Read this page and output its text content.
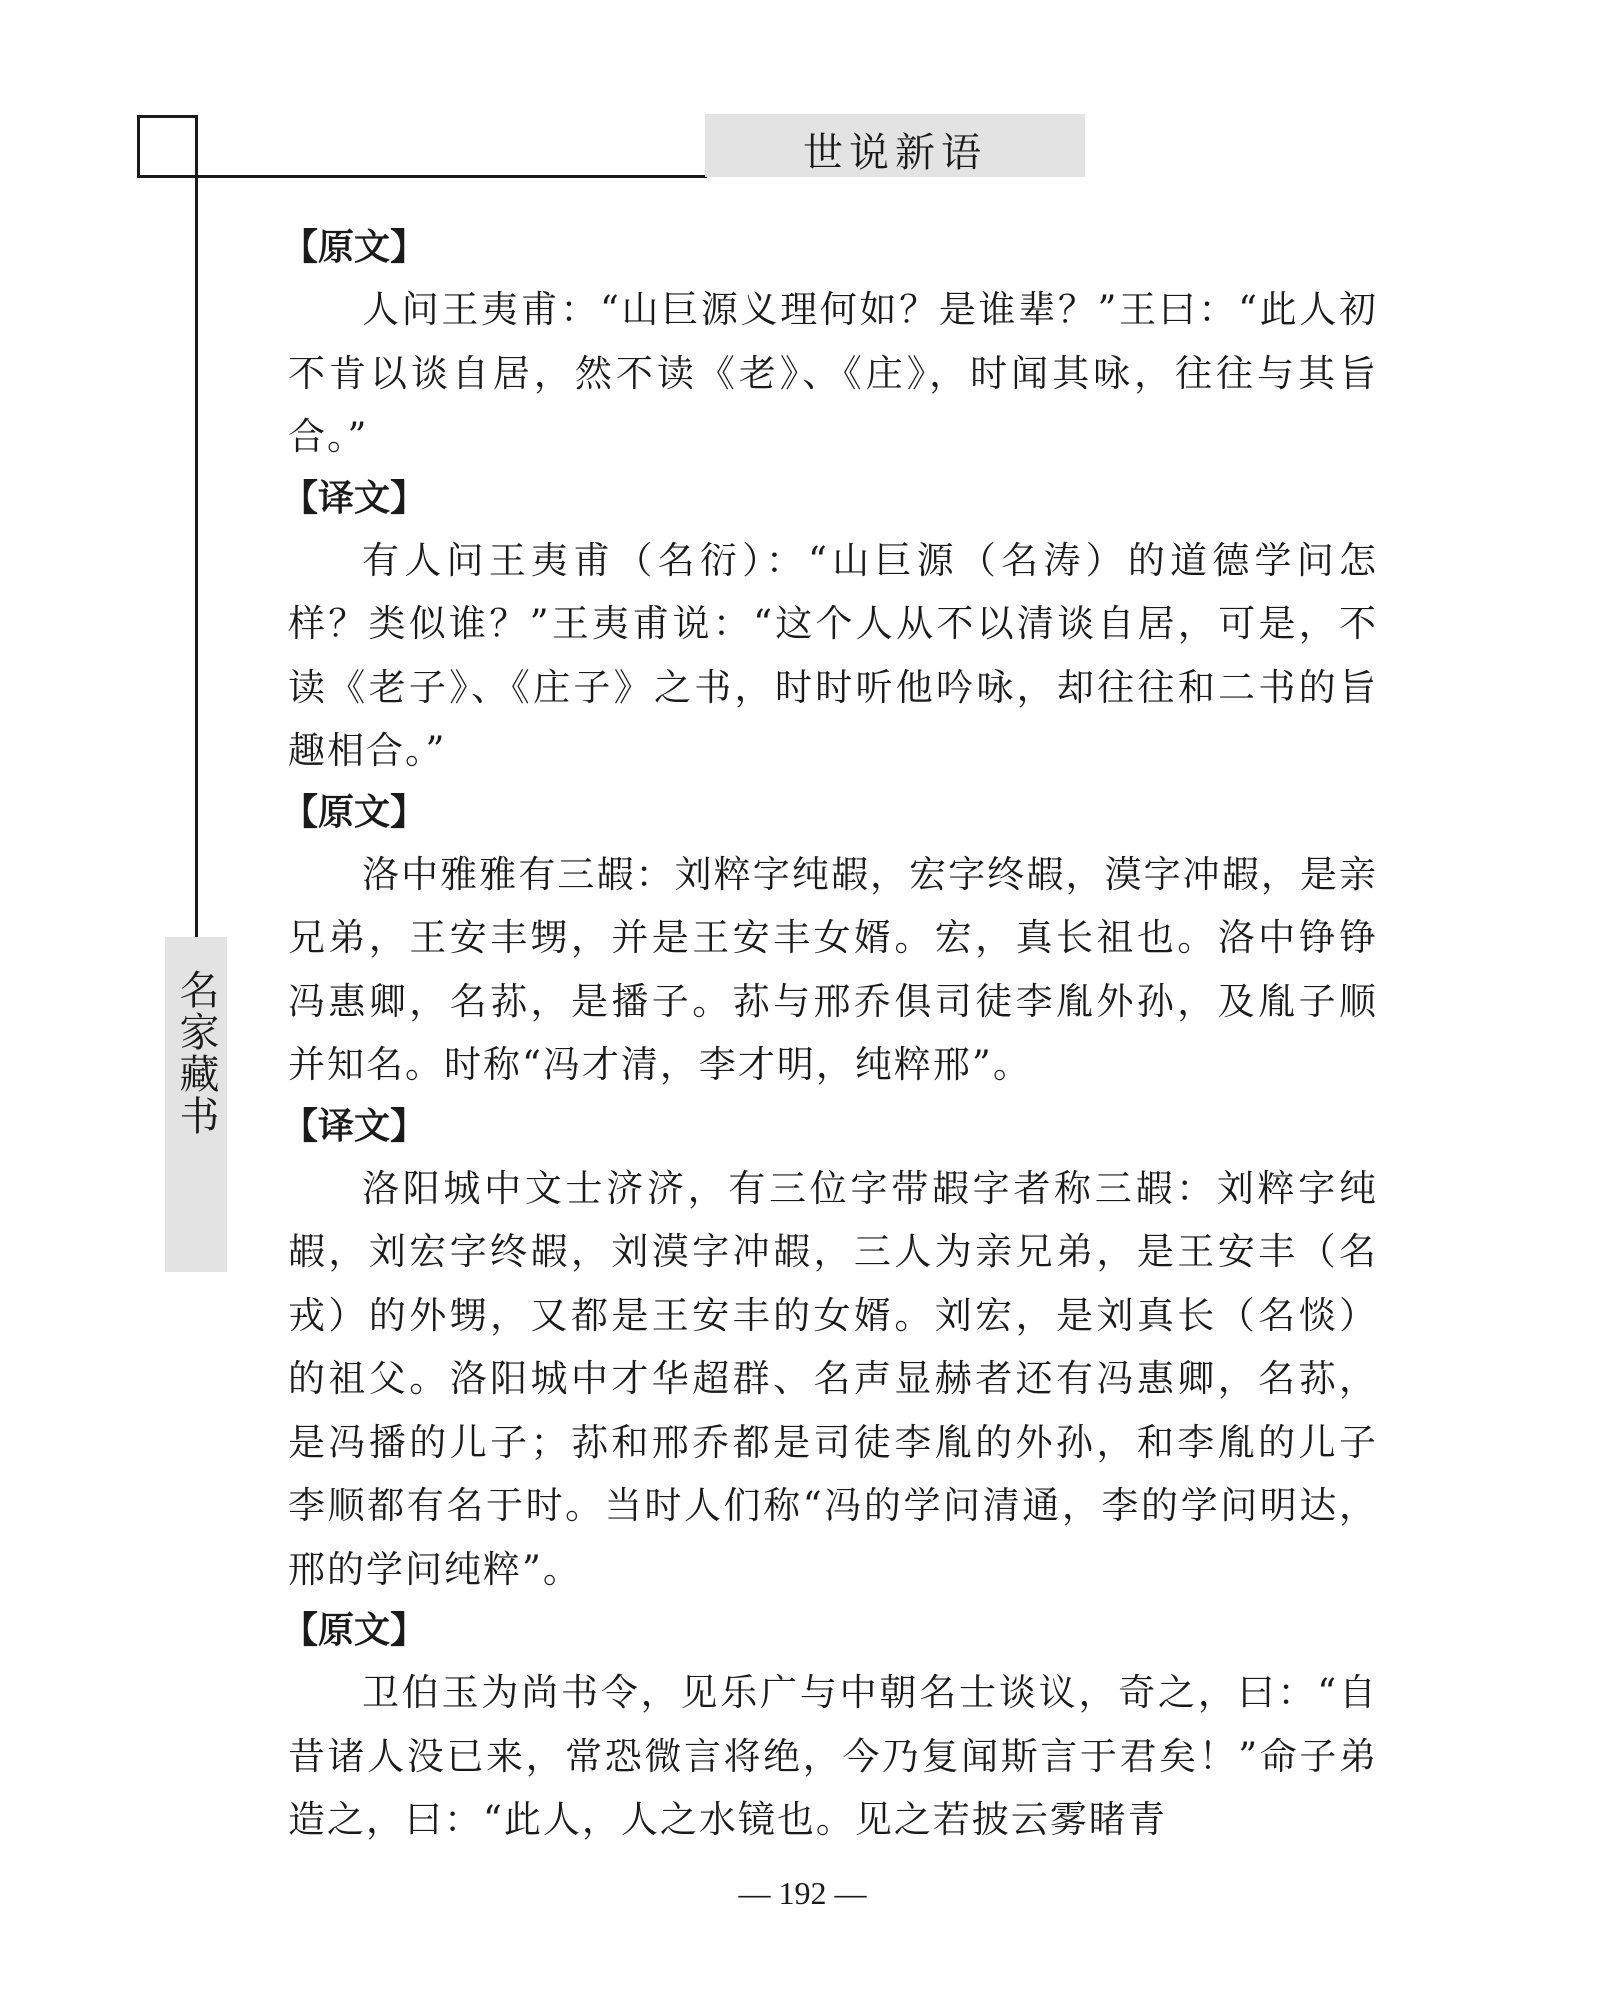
世说新语
名家藏书
【原文】

人问王夷甫：“山巨源义理何如？是谁辈？”王曰：“此人初不肯以谈自居，然不读《老》、《庄》，时闻其咏，往往与其旨合。”

【译文】

有人问王夷甫（名衍）：“山巨源（名涛）的道德学问怎样？类似谁？”王夷甫说：“这个人从不以清谈自居，可是，不读《老子》、《庄子》之书，时时听他吟咏，却往往和二书的旨趣相合。”

【原文】

洛中雅雅有三嘏：刘粹字纯嘏，宏字终嘏，漠字冲嘏，是亲兄弟，王安丰甥，并是王安丰女婿。宏，真长祖也。洛中铮铮冯惠卿，名荪，是播子。荪与邢乔俱司徒李胤外孙，及胤子顺并知名。时称“冯才清，李才明，纯粹邢”。

【译文】

洛阳城中文士济济，有三位字带嘏字者称三嘏：刘粹字纯嘏，刘宏字终嘏，刘漠字冲嘏，三人为亲兄弟，是王安丰（名戎）的外甥，又都是王安丰的女婿。刘宏，是刘真长（名惔）的祖父。洛阳城中才华超群、名声显赫者还有冯惠卿，名荪，是冯播的儿子；荪和邢乔都是司徒李胤的外孙，和李胤的儿子李顺都有名于时。当时人们称“冯的学问清通，李的学问明达，邢的学问纯粹”。

【原文】

卫伯玉为尚书令，见乐广与中朝名士谈议，奇之，曰：“自昔诸人没已来，常恐微言将绝，今乃复闻斯言于君矣！”命子弟造之，曰：“此人，人之水镜也。见之若披云雾睹青

— 192 —
